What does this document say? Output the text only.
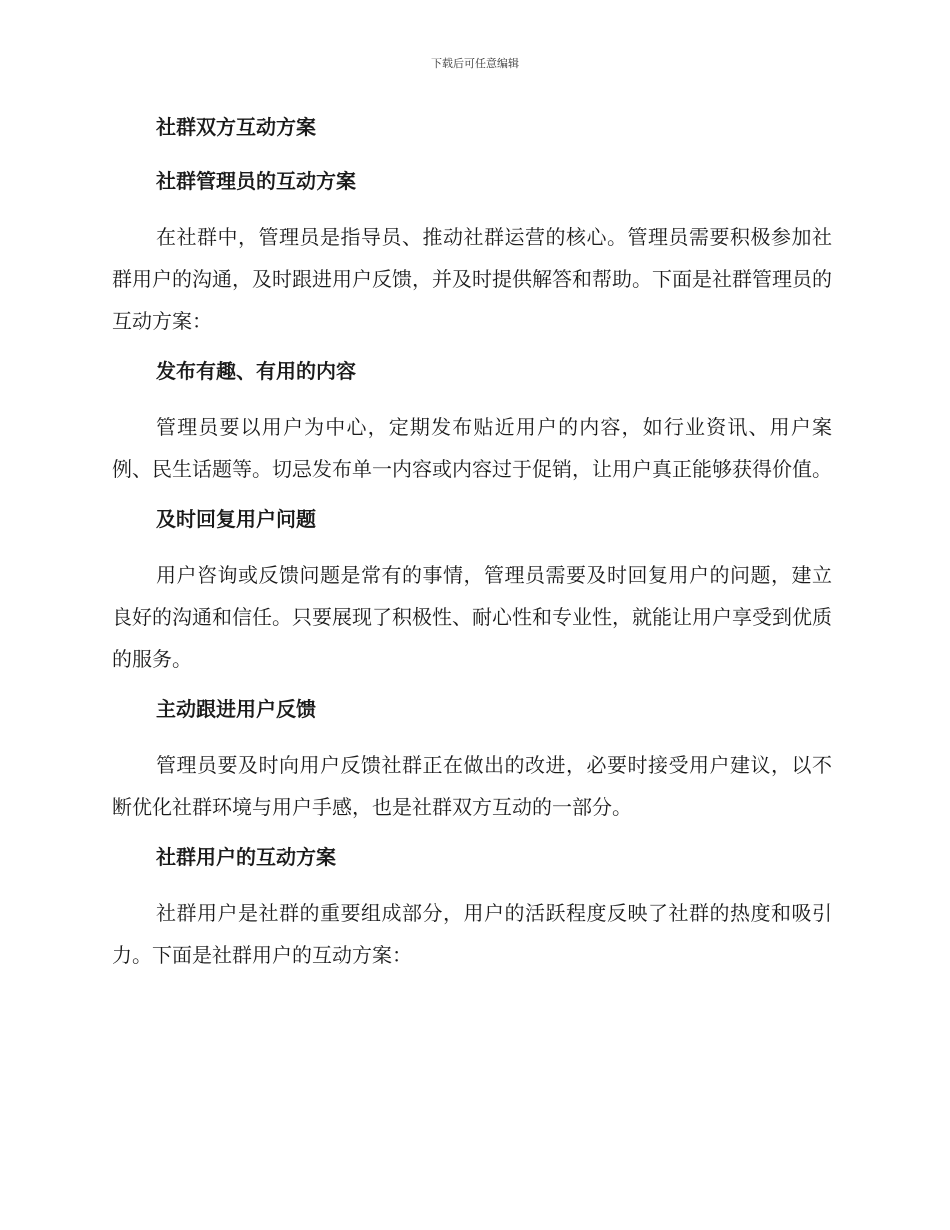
下载后可任意编辑
社群双方互动方案
社群管理员的互动方案
在社群中，管理员是指导员、推动社群运营的核心。管理员需要积极参加社群用户的沟通，及时跟进用户反馈，并及时提供解答和帮助。下面是社群管理员的互动方案：
发布有趣、有用的内容
管理员要以用户为中心，定期发布贴近用户的内容，如行业资讯、用户案例、民生话题等。切忌发布单一内容或内容过于促销，让用户真正能够获得价值。
及时回复用户问题
用户咨询或反馈问题是常有的事情，管理员需要及时回复用户的问题，建立良好的沟通和信任。只要展现了积极性、耐心性和专业性，就能让用户享受到优质的服务。
主动跟进用户反馈
管理员要及时向用户反馈社群正在做出的改进，必要时接受用户建议，以不断优化社群环境与用户手感，也是社群双方互动的一部分。
社群用户的互动方案
社群用户是社群的重要组成部分，用户的活跃程度反映了社群的热度和吸引力。下面是社群用户的互动方案：
